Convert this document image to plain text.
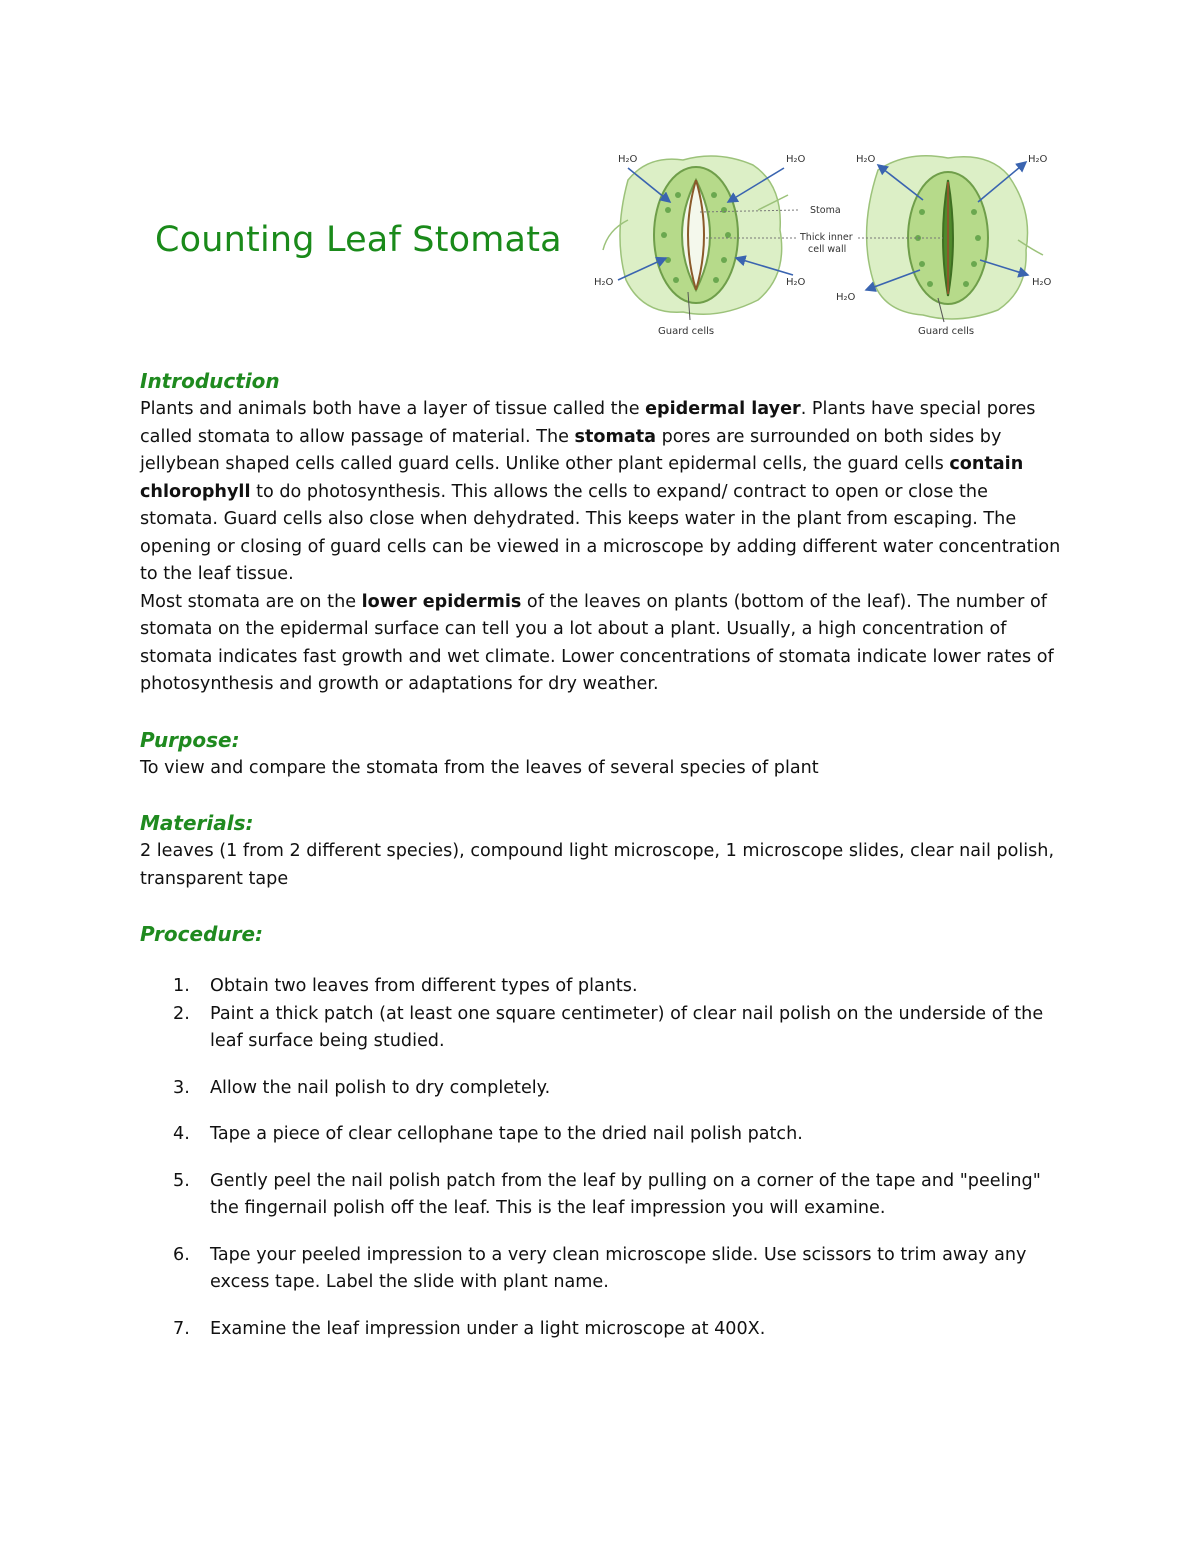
Counting Leaf Stomata
H₂O	H₂O
H₂O	H₂O
H₂O	H₂O
H₂O
H₂O
Stoma
Thick inner
cell wall
Guard cells	Guard cells
Introduction

Plants and animals both have a layer of tissue called the epidermal layer. Plants have special pores called stomata to allow passage of material. The stomata pores are surrounded on both sides by jellybean shaped cells called guard cells. Unlike other plant epidermal cells, the guard cells contain chlorophyll to do photosynthesis. This allows the cells to expand/ contract to open or close the stomata. Guard cells also close when dehydrated. This keeps water in the plant from escaping. The opening or closing of guard cells can be viewed in a microscope by adding different water concentration to the leaf tissue.

Most stomata are on the lower epidermis of the leaves on plants (bottom of the leaf). The number of stomata on the epidermal surface can tell you a lot about a plant. Usually, a high concentration of stomata indicates fast growth and wet climate. Lower concentrations of stomata indicate lower rates of photosynthesis and growth or adaptations for dry weather.

Purpose:

To view and compare the stomata from the leaves of several species of plant

Materials:

2 leaves (1 from 2 different species), compound light microscope, 1 microscope slides, clear nail polish, transparent tape

Procedure:
1.	Obtain two leaves from different types of plants.
2.	Paint a thick patch (at least one square centimeter) of clear nail polish on the underside of the leaf surface being studied.
3.	Allow the nail polish to dry completely.
4.	Tape a piece of clear cellophane tape to the dried nail polish patch.
5.	Gently peel the nail polish patch from the leaf by pulling on a corner of the tape and "peeling" the fingernail polish off the leaf. This is the leaf impression you will examine.
6.	Tape your peeled impression to a very clean microscope slide. Use scissors to trim away any excess tape. Label the slide with plant name.
7.	Examine the leaf impression under a light microscope at 400X.
